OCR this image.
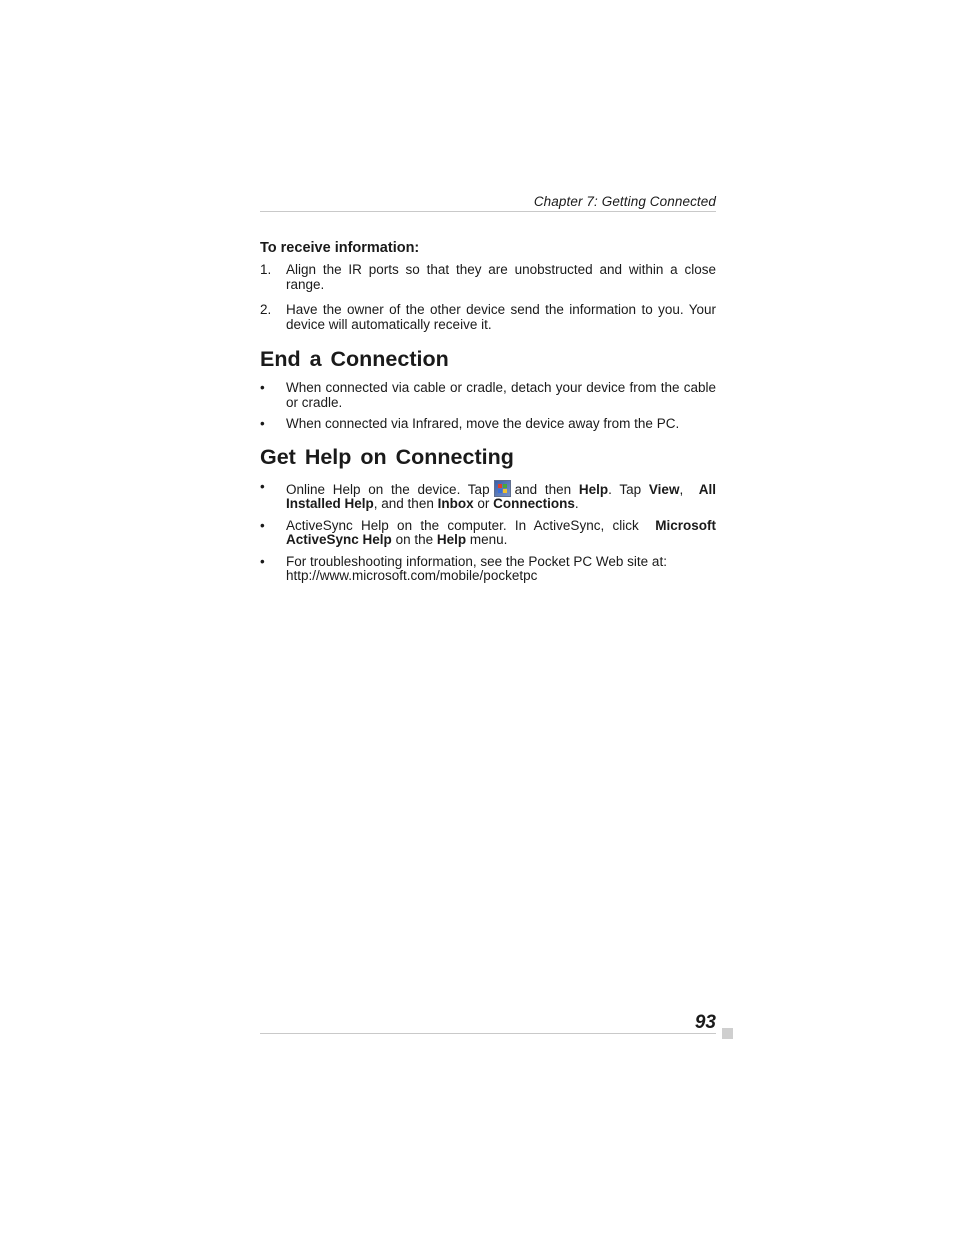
Chapter 7: Getting Connected
To receive information:
1. Align the IR ports so that they are unobstructed and within a close range.
2. Have the owner of the other device send the information to you. Your device will automatically receive it.
End a Connection
• When connected via cable or cradle, detach your device from the cable or cradle.
• When connected via Infrared, move the device away from the PC.
Get Help on Connecting
• Online Help on the device. Tap and then Help. Tap View, All Installed Help, and then Inbox or Connections.
• ActiveSync Help on the computer. In ActiveSync, click Microsoft ActiveSync Help on the Help menu.
• For troubleshooting information, see the Pocket PC Web site at: http://www.microsoft.com/mobile/pocketpc
93
